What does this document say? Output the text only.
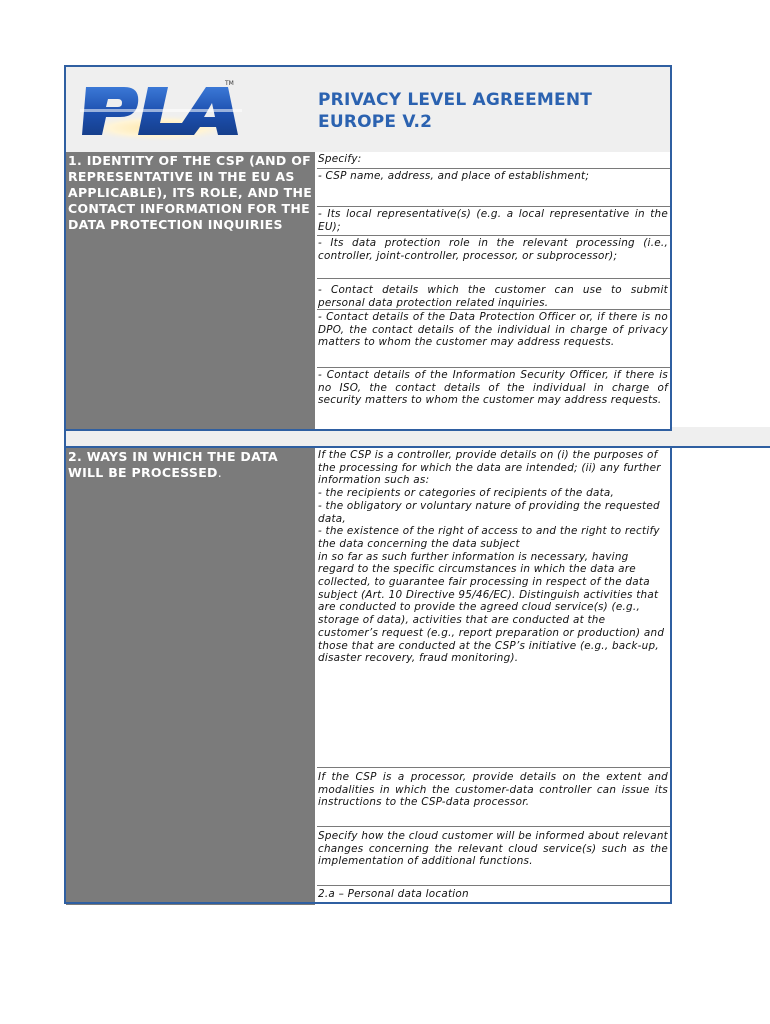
TM
PRIVACY LEVEL AGREEMENT
EUROPE V.2
1. IDENTITY OF THE CSP (AND OF REPRESENTATIVE IN THE EU AS APPLICABLE), ITS ROLE, AND THE CONTACT INFORMATION FOR THE DATA PROTECTION INQUIRIES
Specify:
- CSP name, address, and place of establishment;
- Its local representative(s) (e.g. a local representative in the EU);
- Its data protection role in the relevant processing (i.e., controller, joint-controller, processor, or subprocessor);
- Contact details which the customer can use to submit personal data protection related inquiries.
- Contact details of the Data Protection Officer or, if there is no DPO, the contact details of the individual in charge of privacy matters to whom the customer may address requests.
- Contact details of the Information Security Officer, if there is no ISO, the contact details of the individual in charge of security matters to whom the customer may address requests.
2. WAYS IN WHICH THE DATA WILL BE PROCESSED.
If the CSP is a controller, provide details on (i) the purposes of the processing for which the data are intended; (ii) any further information such as:
- the recipients or categories of recipients of the data,
- the obligatory or voluntary nature of providing the requested data,
- the existence of the right of access to and the right to rectify the data concerning the data subject
in so far as such further information is necessary, having regard to the specific circumstances in which the data are collected, to guarantee fair processing in respect of the data subject (Art. 10 Directive 95/46/EC). Distinguish activities that are conducted to provide the agreed cloud service(s) (e.g., storage of data), activities that are conducted at the customer’s request (e.g., report preparation or production) and those that are conducted at the CSP’s initiative (e.g., back-up, disaster recovery, fraud monitoring).
If the CSP is a processor, provide details on the extent and modalities in which the customer-data controller can issue its instructions to the CSP-data processor.
Specify how the cloud customer will be informed about relevant changes concerning the relevant cloud service(s) such as the implementation of additional functions.
2.a – Personal data location
